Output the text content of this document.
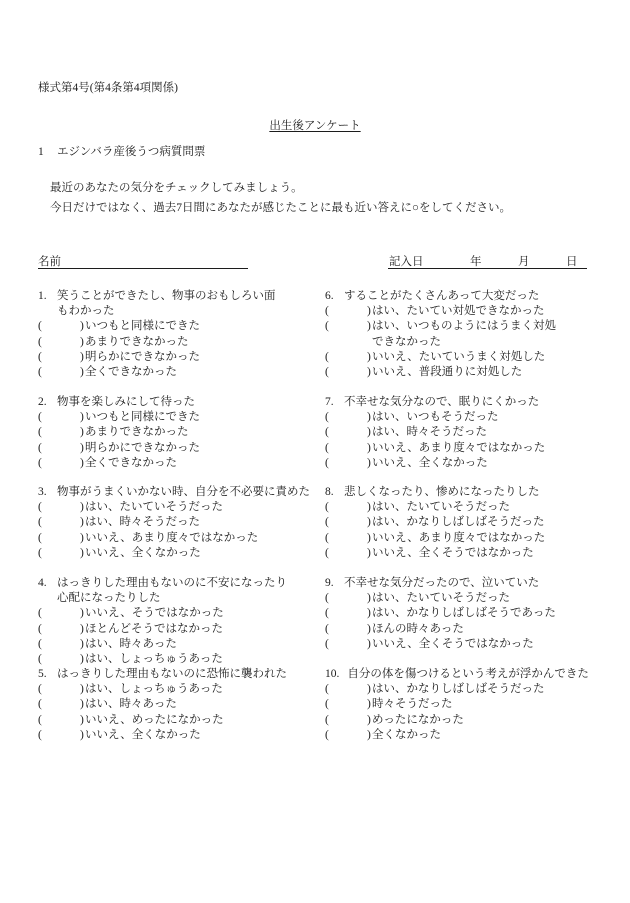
様式第4号(第4条第4項関係)
出生後アンケート
1 エジンバラ産後うつ病質問票
最近のあなたの気分をチェックしてみましょう。
今日だけではなく、過去7日間にあなたが感じたことに最も近い答えに○をしてください。
名前	記入日	年	月	日
1. 笑うことができたし、物事のおもしろい面
もわかった
(	) いつもと同様にできた
(	) あまりできなかった
(	) 明らかにできなかった
(	) 全くできなかった
2. 物事を楽しみにして待った
(	) いつもと同様にできた
(	) あまりできなかった
(	) 明らかにできなかった
(	) 全くできなかった
3. 物事がうまくいかない時、自分を不必要に責めた
(	) はい、たいていそうだった
(	) はい、時々そうだった
(	) いいえ、あまり度々ではなかった
(	) いいえ、全くなかった
4. はっきりした理由もないのに不安になったり
心配になったりした
(	) いいえ、そうではなかった
(	) ほとんどそうではなかった
(	) はい、時々あった
(	) はい、しょっちゅうあった
5. はっきりした理由もないのに恐怖に襲われた
(	) はい、しょっちゅうあった
(	) はい、時々あった
(	) いいえ、めったになかった
(	) いいえ、全くなかった
6. することがたくさんあって大変だった
(	) はい、たいてい対処できなかった
(	) はい、いつものようにはうまく対処
できなかった
(	) いいえ、たいていうまく対処した
(	) いいえ、普段通りに対処した
7. 不幸せな気分なので、眠りにくかった
(	) はい、いつもそうだった
(	) はい、時々そうだった
(	) いいえ、あまり度々ではなかった
(	) いいえ、全くなかった
8. 悲しくなったり、惨めになったりした
(	) はい、たいていそうだった
(	) はい、かなりしばしばそうだった
(	) いいえ、あまり度々ではなかった
(	) いいえ、全くそうではなかった
9. 不幸せな気分だったので、泣いていた
(	) はい、たいていそうだった
(	) はい、かなりしばしばそうであった
(	) ほんの時々あった
(	) いいえ、全くそうではなかった
10. 自分の体を傷つけるという考えが浮かんできた
(	) はい、かなりしばしばそうだった
(	) 時々そうだった
(	) めったになかった
(	) 全くなかった
